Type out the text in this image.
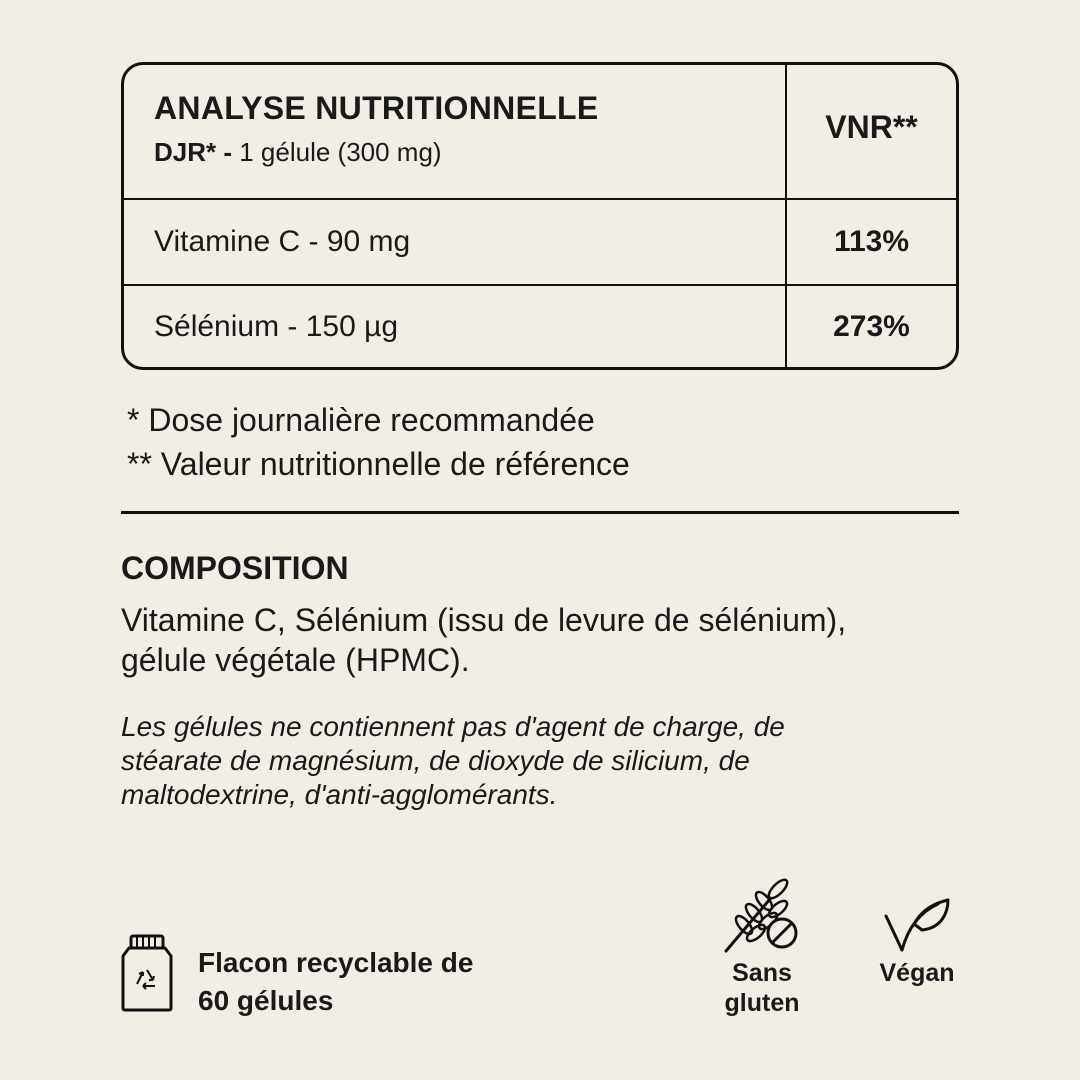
ANALYSE NUTRITIONNELLE
DJR* - 1 gélule (300 mg)
VNR**
Vitamine C - 90 mg	113%
Sélénium - 150 µg	273%
* Dose journalière recommandée
** Valeur nutritionnelle de référence
COMPOSITION
Vitamine C, Sélénium (issu de levure de sélénium),
gélule végétale (HPMC).
Les gélules ne contiennent pas d'agent de charge, de
stéarate de magnésium, de dioxyde de silicium, de
maltodextrine, d'anti-agglomérants.
Flacon recyclable de
60 gélules
Sans
gluten
Végan
